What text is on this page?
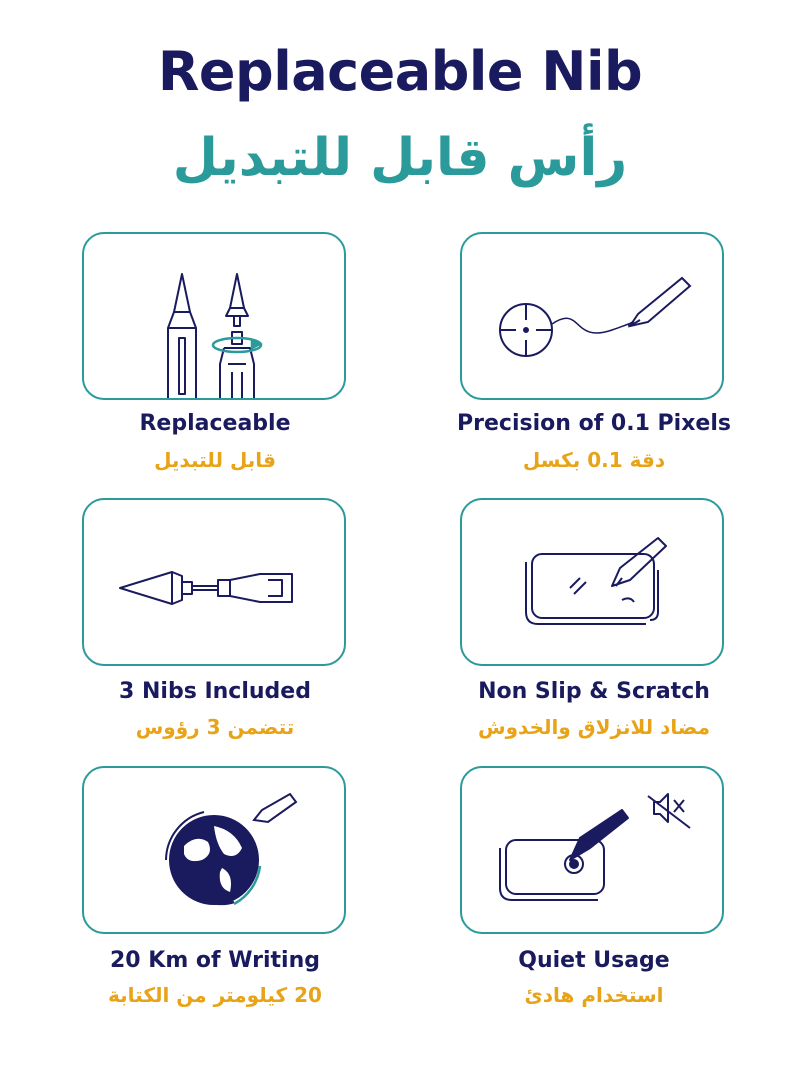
Replaceable Nib
رأس قابل للتبديل
Replaceable
قابل للتبديل
Precision of 0.1 Pixels
دقة 0.1 بكسل
3 Nibs Included
تتضمن 3 رؤوس
Non Slip & Scratch
مضاد للانزلاق والخدوش
20 Km of Writing
20 كيلومتر من الكتابة
Quiet Usage
استخدام هادئ
